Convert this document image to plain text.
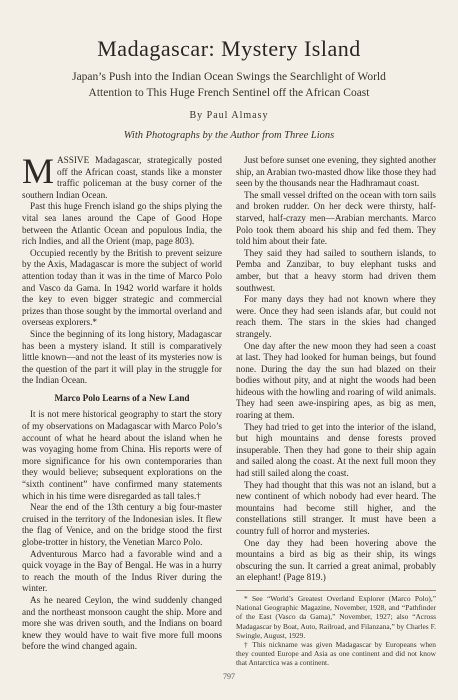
Madagascar: Mystery Island
Japan’s Push into the Indian Ocean Swings the Searchlight of World
Attention to This Huge French Sentinel off the African Coast
By Paul Almasy
With Photographs by the Author from Three Lions

MASSIVE Madagascar, strategically posted off the African coast, stands like a monster traffic policeman at the busy corner of the southern Indian Ocean.

Past this huge French island go the ships plying the vital sea lanes around the Cape of Good Hope between the Atlantic Ocean and populous India, the rich Indies, and all the Orient (map, page 803).

Occupied recently by the British to prevent seizure by the Axis, Madagascar is more the subject of world attention today than it was in the time of Marco Polo and Vasco da Gama. In 1942 world warfare it holds the key to even bigger strategic and commercial prizes than those sought by the immortal overland and overseas explorers.*

Since the beginning of its long history, Madagascar has been a mystery island. It still is comparatively little known—and not the least of its mysteries now is the question of the part it will play in the struggle for the Indian Ocean.

Marco Polo Learns of a New Land

It is not mere historical geography to start the story of my observations on Madagascar with Marco Polo’s account of what he heard about the island when he was voyaging home from China. His reports were of more significance for his own contemporaries than they would believe; subsequent explorations on the “sixth continent” have confirmed many statements which in his time were disregarded as tall tales.†

Near the end of the 13th century a big four-master cruised in the territory of the Indonesian isles. It flew the flag of Venice, and on the bridge stood the first globe-trotter in history, the Venetian Marco Polo.

Adventurous Marco had a favorable wind and a quick voyage in the Bay of Bengal. He was in a hurry to reach the mouth of the Indus River during the winter.

As he neared Ceylon, the wind suddenly changed and the northeast monsoon caught the ship. More and more she was driven south, and the Indians on board knew they would have to wait five more full moons before the wind changed again.

Just before sunset one evening, they sighted another ship, an Arabian two-masted dhow like those they had seen by the thousands near the Hadhramaut coast.

The small vessel drifted on the ocean with torn sails and broken rudder. On her deck were thirsty, half-starved, half-crazy men—Arabian merchants. Marco Polo took them aboard his ship and fed them. They told him about their fate.

They said they had sailed to southern islands, to Pemba and Zanzibar, to buy elephant tusks and amber, but that a heavy storm had driven them southwest.

For many days they had not known where they were. Once they had seen islands afar, but could not reach them. The stars in the skies had changed strangely.

One day after the new moon they had seen a coast at last. They had looked for human beings, but found none. During the day the sun had blazed on their bodies without pity, and at night the woods had been hideous with the howling and roaring of wild animals. They had seen awe-inspiring apes, as big as men, roaring at them.

They had tried to get into the interior of the island, but high mountains and dense forests proved insuperable. Then they had gone to their ship again and sailed along the coast. At the next full moon they had still sailed along the coast.

They had thought that this was not an island, but a new continent of which nobody had ever heard. The mountains had become still higher, and the constellations still stranger. It must have been a country full of horror and mysteries.

One day they had been hovering above the mountains a bird as big as their ship, its wings obscuring the sun. It carried a great animal, probably an elephant! (Page 819.)

* See “World’s Greatest Overland Explorer (Marco Polo),” National Geographic Magazine, November, 1928, and “Pathfinder of the East (Vasco da Gama),” November, 1927; also “Across Madagascar by Boat, Auto, Railroad, and Filanzana,” by Charles F. Swingle, August, 1929.

† This nickname was given Madagascar by Europeans when they counted Europe and Asia as one continent and did not know that Antarctica was a continent.

797
